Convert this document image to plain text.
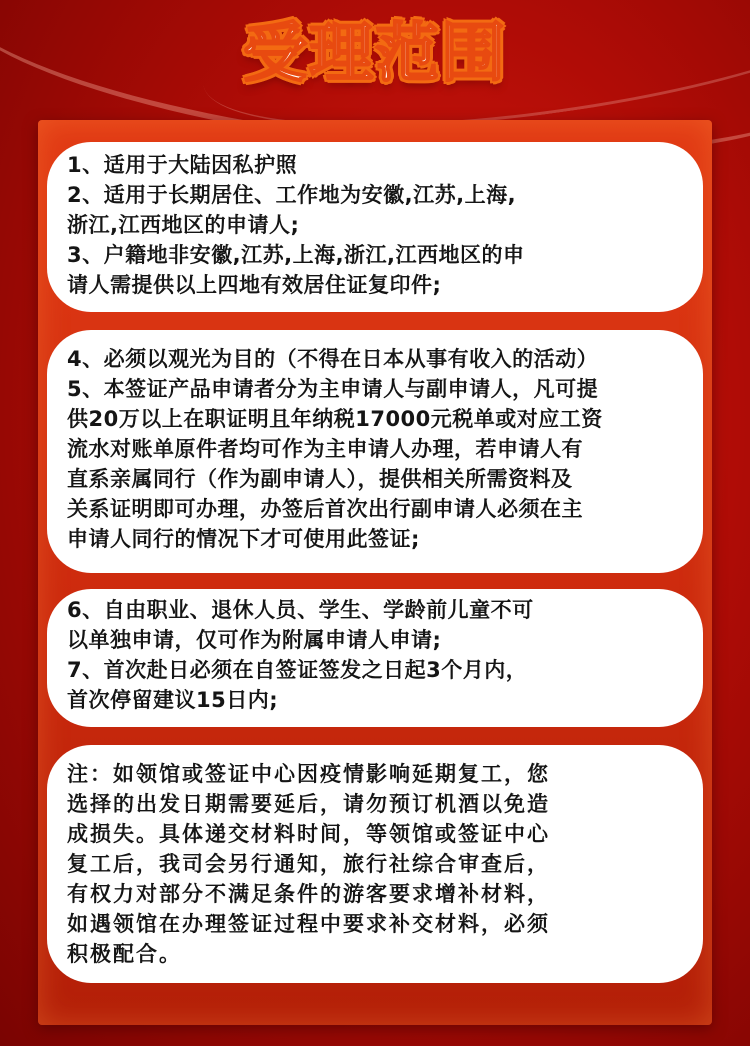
受理范围

1、适用于大陆因私护照

2、适用于长期居住、工作地为安徽,江苏,上海,

浙江,江西地区的申请人;

3、户籍地非安徽,江苏,上海,浙江,江西地区的申

请人需提供以上四地有效居住证复印件;

4、必须以观光为目的（不得在日本从事有收入的活动）

5、本签证产品申请者分为主申请人与副申请人，凡可提

供20万以上在职证明且年纳税17000元税单或对应工资

流水对账单原件者均可作为主申请人办理，若申请人有

直系亲属同行（作为副申请人），提供相关所需资料及

关系证明即可办理，办签后首次出行副申请人必须在主

申请人同行的情况下才可使用此签证;

6、自由职业、退休人员、学生、学龄前儿童不可

以单独申请，仅可作为附属申请人申请;

7、首次赴日必须在自签证签发之日起3个月内，

首次停留建议15日内;

注：如领馆或签证中心因疫情影响延期复工，您

选择的出发日期需要延后，请勿预订机酒以免造

成损失。具体递交材料时间，等领馆或签证中心

复工后，我司会另行通知，旅行社综合审查后，

有权力对部分不满足条件的游客要求增补材料，

如遇领馆在办理签证过程中要求补交材料，必须

积极配合。
